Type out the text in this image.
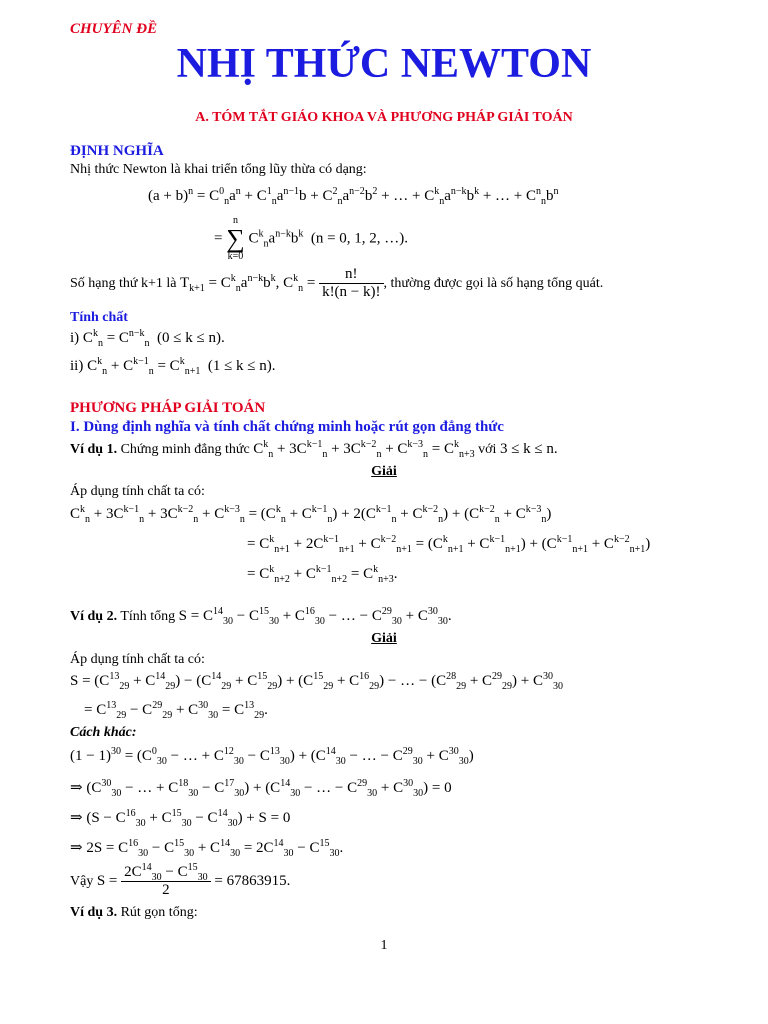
CHUYÊN ĐỀ
NHỊ THỨC NEWTON
A. TÓM TẮT GIÁO KHOA VÀ PHƯƠNG PHÁP GIẢI TOÁN
ĐỊNH NGHĨA
Nhị thức Newton là khai triển tổng lũy thừa có dạng:
$(a + b)^n = C^0_na^n + C^1_na^{n-1}b + C^2_na^{n-2}b^2$ + … + $C^k_na^{n-k}b^k$ + … + $C^n_nb^n$
=
n
∑
k=0
$C^k_na^{n-k}b^k$  (n = 0, 1, 2, …).
Số hạng thứ k+1 là $T_{k+1} = C^k_na^{n-k}b^k$, $C^k_n = \frac{n!}{k!(n - k)!}$ , thường được gọi là số hạng tổng quát.
Tính chất
i) $C^k_n = C^{n-k}_n$  (0 ≤ k ≤ n).
ii) $C^k_n + C^{k-1}_n = C^k_{n+1}$  (1 ≤ k ≤ n).
PHƯƠNG PHÁP GIẢI TOÁN
I. Dùng định nghĩa và tính chất chứng minh hoặc rút gọn đẳng thức
Ví dụ 1. Chứng minh đẳng thức $C^k_n + 3C^{k-1}_n + 3C^{k-2}_n + C^{k-3}_n = C^k_{n+3}$ với 3 ≤ k ≤ n.
Giải
Áp dụng tính chất ta có:
$C^k_n + 3C^{k-1}_n + 3C^{k-2}_n + C^{k-3}_n = (C^k_n + C^{k-1}_n) + 2(C^{k-1}_n + C^{k-2}_n) + (C^{k-2}_n + C^{k-3}_n)$
= $C^k_{n+1} + 2C^{k-1}_{n+1} + C^{k-2}_{n+1} = (C^k_{n+1} + C^{k-1}_{n+1}) + (C^{k-1}_{n+1} + C^{k-2}_{n+1})$
= $C^k_{n+2} + C^{k-1}_{n+2} = C^k_{n+3}$.
Ví dụ 2. Tính tổng $S = C^{14}_{30} - C^{15}_{30} + C^{16}_{30}$ − … − $C^{29}_{30} + C^{30}_{30}$.
Giải
Áp dụng tính chất ta có:
$S = (C^{13}_{29} + C^{14}_{29}) - (C^{14}_{29} + C^{15}_{29}) + (C^{15}_{29} + C^{16}_{29})$ − … − $(C^{28}_{29} + C^{29}_{29}) + C^{30}_{30}$
= $C^{13}_{29} - C^{29}_{29} + C^{30}_{30} = C^{13}_{29}$.
Cách khác:
$(1 - 1)^{30} = (C^0_{30}$ − … + $C^{12}_{30} - C^{13}_{30}) + (C^{14}_{30}$ − … − $C^{29}_{30} + C^{30}_{30}$)
⇒ ($C^{30}_{30}$ − … + $C^{18}_{30} - C^{17}_{30}) + (C^{14}_{30}$ − … − $C^{29}_{30} + C^{30}_{30}) = 0$
⇒ $(S - C^{16}_{30} + C^{15}_{30} - C^{14}_{30}) + S = 0$
⇒ $2S = C^{16}_{30} - C^{15}_{30} + C^{14}_{30} = 2C^{14}_{30} - C^{15}_{30}$.
Vậy $S = \frac{2C^{14}_{30} - C^{15}_{30}}{2} = 67863915$.
Ví dụ 3. Rút gọn tổng:
1
